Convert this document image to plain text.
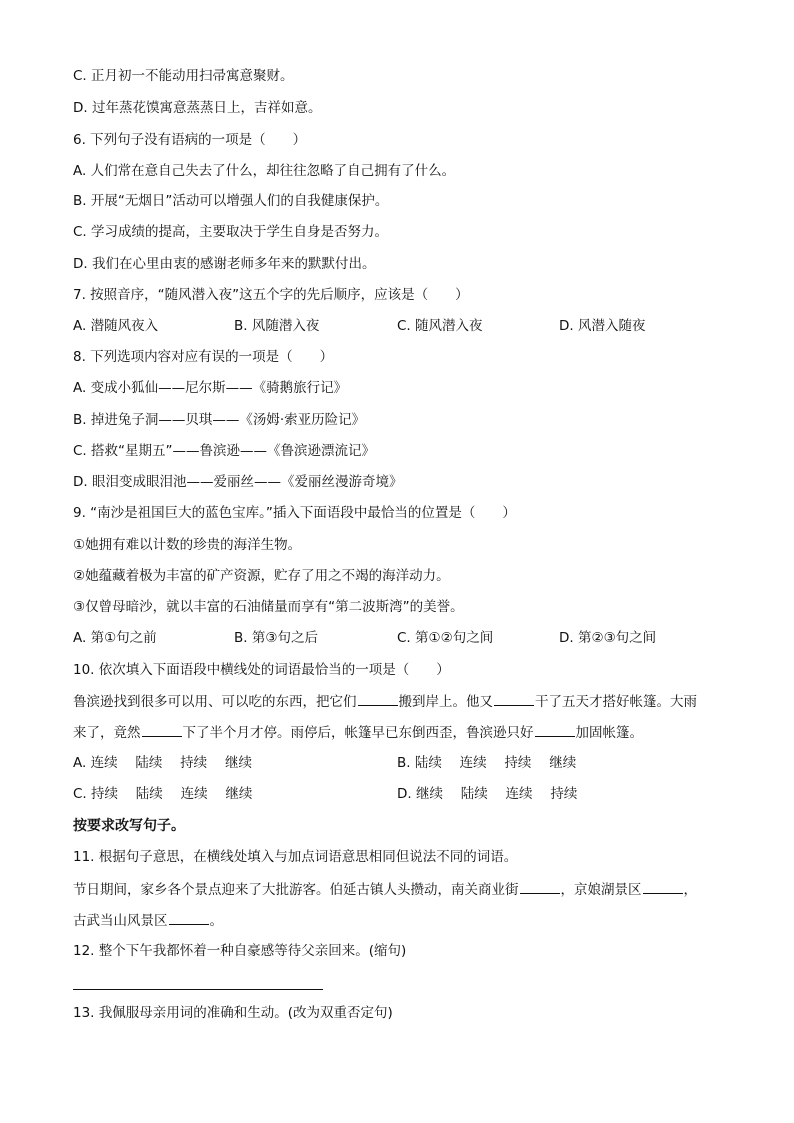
C. 正月初一不能动用扫帚寓意聚财。
D. 过年蒸花馍寓意蒸蒸日上，吉祥如意。
6. 下列句子没有语病的一项是（　　）
A. 人们常在意自己失去了什么，却往往忽略了自己拥有了什么。
B. 开展“无烟日”活动可以增强人们的自我健康保护。
C. 学习成绩的提高，主要取决于学生自身是否努力。
D. 我们在心里由衷的感谢老师多年来的默默付出。
7. 按照音序，“随风潜入夜”这五个字的先后顺序，应该是（　　）
A. 潜随风夜入	B. 风随潜入夜	C. 随风潜入夜	D. 风潜入随夜
8. 下列选项内容对应有误的一项是（　　）
A. 变成小狐仙——尼尔斯——《骑鹅旅行记》
B. 掉进兔子洞——贝琪——《汤姆·索亚历险记》
C. 搭救“星期五”——鲁滨逊——《鲁滨逊漂流记》
D. 眼泪变成眼泪池——爱丽丝——《爱丽丝漫游奇境》
9. “南沙是祖国巨大的蓝色宝库。”插入下面语段中最恰当的位置是（　　）
①她拥有难以计数的珍贵的海洋生物。
②她蕴藏着极为丰富的矿产资源，贮存了用之不竭的海洋动力。
③仅曾母暗沙，就以丰富的石油储量而享有“第二波斯湾”的美誉。
A. 第①句之前	B. 第③句之后	C. 第①②句之间	D. 第②③句之间
10. 依次填入下面语段中横线处的词语最恰当的一项是（　　）
鲁滨逊找到很多可以用、可以吃的东西，把它们	搬到岸上。他又	干了五天才搭好帐篷。大雨
来了，竟然	下了半个月才停。雨停后，帐篷早已东倒西歪，鲁滨逊只好	加固帐篷。
A. 连续　 陆续　 持续　 继续	B. 陆续　 连续　 持续　 继续
C. 持续　 陆续　 连续　 继续	D. 继续　 陆续　 连续　 持续
按要求改写句子。
11. 根据句子意思，在横线处填入与加点词语意思相同但说法不同的词语。
节日期间，家乡各个景点迎来了大批游客。伯延古镇人头攒动，南关商业街	，京娘湖景区	，
古武当山风景区	。
12. 整个下午我都怀着一种自豪感等待父亲回来。(缩句)
13. 我佩服母亲用词的准确和生动。(改为双重否定句)
